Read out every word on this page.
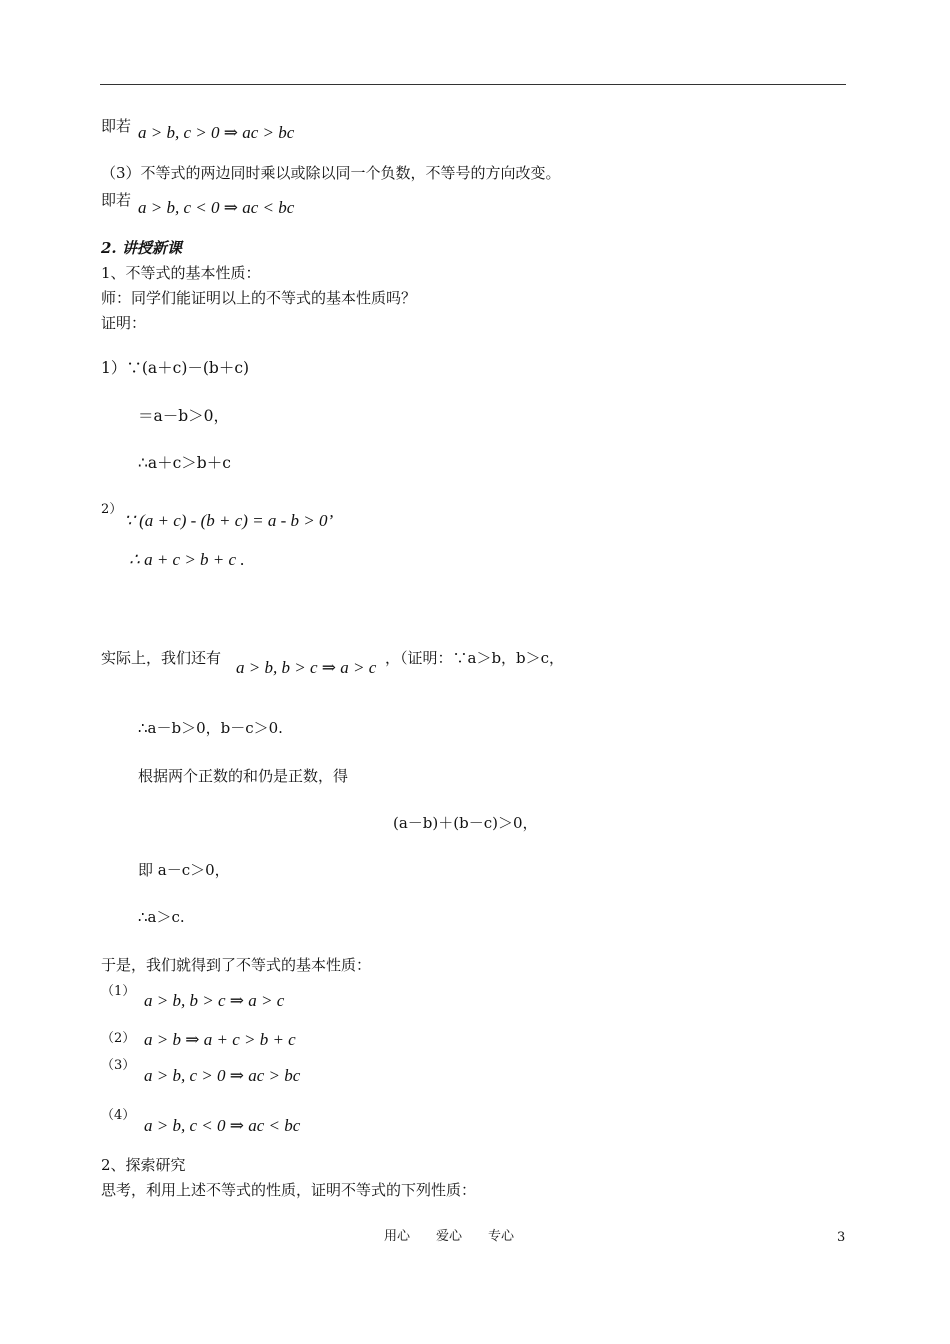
即若 a > b, c > 0 ⇒ ac > bc
（3）不等式的两边同时乘以或除以同一个负数，不等号的方向改变。
即若 a > b, c < 0 ⇒ ac < bc
2. 讲授新课
1、不等式的基本性质：
师：同学们能证明以上的不等式的基本性质吗？
证明：
1）∵(a＋c)－(b＋c)
＝a－b＞0，
∴a＋c＞b＋c
2）
∵ (a + c) - (b + c) = a - b > 0’
∴ a + c > b + c .
实际上，我们还有 a > b, b > c ⇒ a > c ，（证明：∵a＞b，b＞c，
∴a－b＞0，b－c＞0.
根据两个正数的和仍是正数，得
(a－b)＋(b－c)＞0，
即 a－c＞0，
∴a＞c.
于是，我们就得到了不等式的基本性质：
（1） a > b, b > c ⇒ a > c
（2） a > b ⇒ a + c > b + c
（3）
a > b, c > 0 ⇒ ac > bc
（4）
a > b, c < 0 ⇒ ac < bc
2、探索研究
思考，利用上述不等式的性质，证明不等式的下列性质：
用心　　爱心　　专心	3
